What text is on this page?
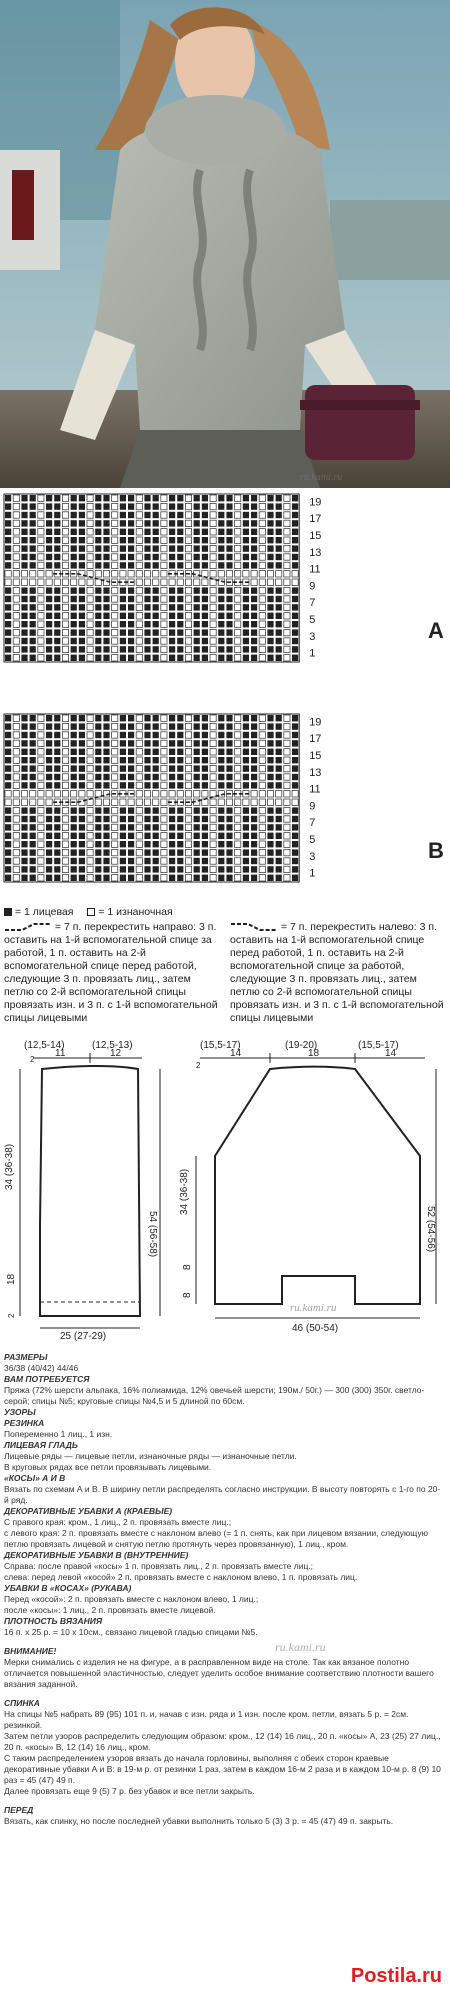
ru.kami.ru
19
17
15
13
11
9
7
5
3
1
A
19
17
15
13
11
9
7
5
3
1
B
= 1 лицевая	= 1 изнаночная
= 7 п. перекрестить направо: 3 п. оставить на 1-й вспомогательной спице за работой, 1 п. оставить на 2-й вспомогательной спице перед работой, следующие 3 п. провязать лиц., затем петлю со 2-й вспомогательной спицы провязать изн. и 3 п. с 1-й вспомогательной спицы лицевыми
= 7 п. перекрестить налево: 3 п. оставить на 1-й вспомогательной спице перед работой, 1 п. оставить на 2-й вспомогательной спице за работой, следующие 3 п. провязать лиц., затем петлю со 2-й вспомогательной спицы провязать изн. и 3 п. с 1-й вспомогательной спицы лицевыми
(12,5-14)	(12,5-13)
11	12
2
34 (36-38)
18
2
54 (56-58)
25 (27-29)
(15,5-17)	(19-20)	(15,5-17)
14	18	14
34 (36-38)
8
8
52 (54-56)
46 (50-54)
2
ru.kami.ru

РАЗМЕРЫ

36/38 (40/42) 44/46

ВАМ ПОТРЕБУЕТСЯ

Пряжа (72% шерсти альпака, 16% полиамида, 12% овечьей шерсти; 190м./ 50г.) — 300 (300) 350г. светло-серой; спицы №5; круговые спицы №4,5 и 5 длиной по 60см.

УЗОРЫ

РЕЗИНКА

Попеременно 1 лиц., 1 изн.

ЛИЦЕВАЯ ГЛАДЬ

Лицевые ряды — лицевые петли, изнаночные ряды — изнаночные петли.

В круговых рядах все петли провязывать лицевыми.

«КОСЫ» А И В

Вязать по схемам А и В. В ширину петли распределять согласно инструкции. В высоту повторять с 1-го по 20-й ряд.

ДЕКОРАТИВНЫЕ УБАВКИ А (КРАЕВЫЕ)

С правого края: кром., 1 лиц., 2 п. провязать вместе лиц.;

с левого края: 2 п. провязать вместе с наклоном влево (= 1 п. снять, как при лицевом вязании, следующую петлю провязать лицевой и снятую петлю протянуть через провязанную), 1 лиц., кром.

ДЕКОРАТИВНЫЕ УБАВКИ В (ВНУТРЕННИЕ)

Справа: после правой «косы» 1 п. провязать лиц., 2 п. провязать вместе лиц.;

слева: перед левой «косой» 2 п. провязать вместе с наклоном влево, 1 п. провязать лиц.

УБАВКИ В «КОСАХ» (РУКАВА)

Перед «косой»: 2 п. провязать вместе с наклоном влево, 1 лиц.;

после «косы»: 1 лиц., 2 п. провязать вместе лицевой.

ПЛОТНОСТЬ ВЯЗАНИЯ

16 п. х 25 р. = 10 х 10см., связано лицевой гладью спицами №5.

ВНИМАНИЕ!

Мерки снимались с изделия не на фигуре, а в расправленном виде на столе. Так как вязаное полотно отличается повышенной эластичностью, следует уделить особое внимание соответствию плотности вашего вязания заданной.

СПИНКА

На спицы №5 набрать 89 (95) 101 п. и, начав с изн. ряда и 1 изн. после кром. петли, вязать 5 р. = 2см. резинкой.

Затем петли узоров распределить следующим образом: кром., 12 (14) 16 лиц., 20 п. «косы» А, 23 (25) 27 лиц., 20 п. «косы» В, 12 (14) 16 лиц., кром.

С таким распределением узоров вязать до начала горловины, выполняя с обеих сторон краевые декоративные убавки А и В: в 19-м р. от резинки 1 раз, затем в каждом 16-м 2 раза и в каждом 10-м р. 8 (9) 10 раз = 45 (47) 49 п.

Далее провязать еще 9 (5) 7 р. без убавок и все петли закрыть.

ПЕРЕД

Вязать, как спинку, но после последней убавки выполнить только 5 (3) 3 р. = 45 (47) 49 п. закрыть.

ru.kami.ru
Postila.ru
